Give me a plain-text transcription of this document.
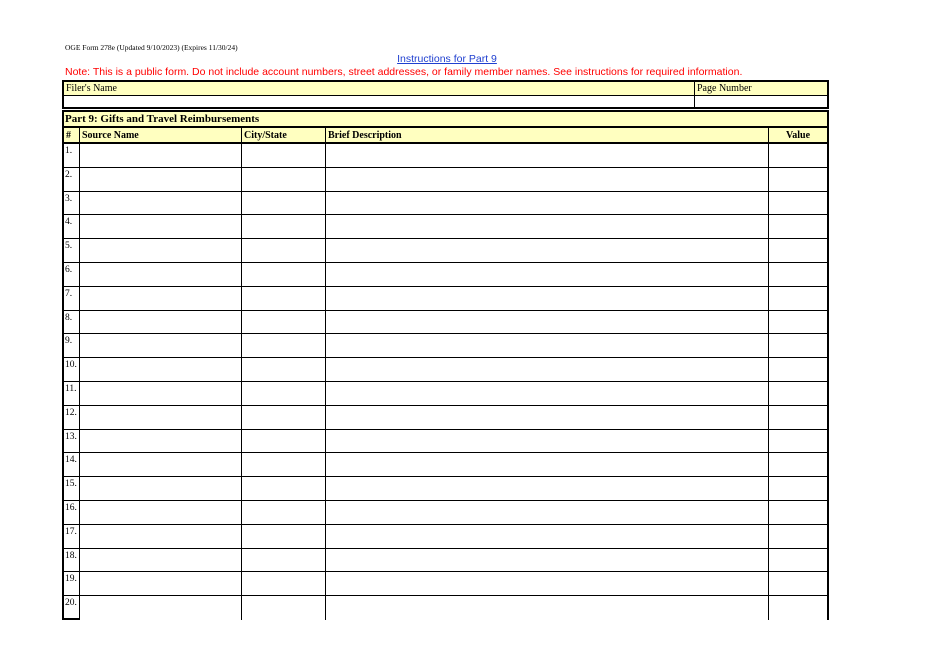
OGE Form 278e (Updated 9/10/2023) (Expires 11/30/24)
Instructions for Part 9
Note: This is a public form. Do not include account numbers, street addresses, or family member names. See instructions for required information.
Filer's Name	Page Number
Part 9: Gifts and Travel Reimbursements
#	Source Name	City/State	Brief Description	Value
1.
2.
3.
4.
5.
6.
7.
8.
9.
10.
11.
12.
13.
14.
15.
16.
17.
18.
19.
20.
